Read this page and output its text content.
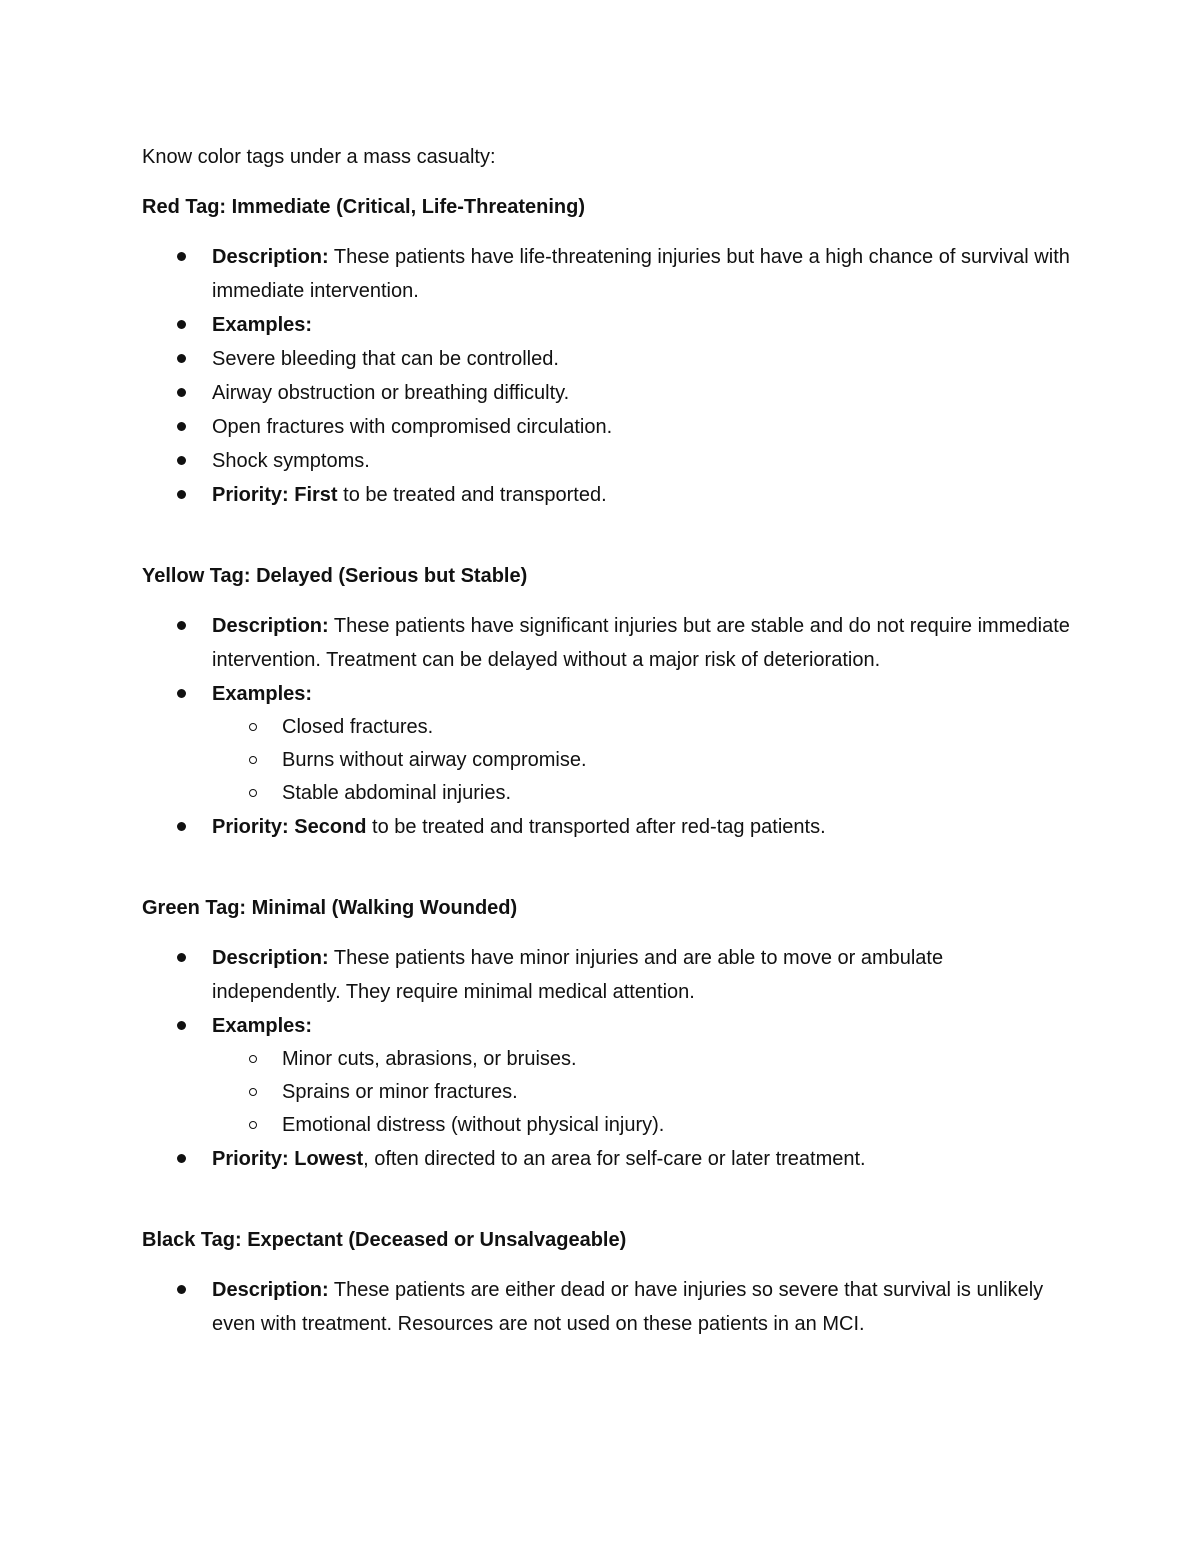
Know color tags under a mass casualty:

Red Tag: Immediate (Critical, Life-Threatening)

Description: These patients have life-threatening injuries but have a high chance of survival with immediate intervention.
Examples:
Severe bleeding that can be controlled.
Airway obstruction or breathing difficulty.
Open fractures with compromised circulation.
Shock symptoms.
Priority: First to be treated and transported.

Yellow Tag: Delayed (Serious but Stable)

Description: These patients have significant injuries but are stable and do not require immediate intervention. Treatment can be delayed without a major risk of deterioration.
Examples:
Closed fractures.
Burns without airway compromise.
Stable abdominal injuries.
Priority: Second to be treated and transported after red-tag patients.

Green Tag: Minimal (Walking Wounded)

Description: These patients have minor injuries and are able to move or ambulate independently. They require minimal medical attention.
Examples:
Minor cuts, abrasions, or bruises.
Sprains or minor fractures.
Emotional distress (without physical injury).
Priority: Lowest, often directed to an area for self-care or later treatment.

Black Tag: Expectant (Deceased or Unsalvageable)

Description: These patients are either dead or have injuries so severe that survival is unlikely even with treatment. Resources are not used on these patients in an MCI.
